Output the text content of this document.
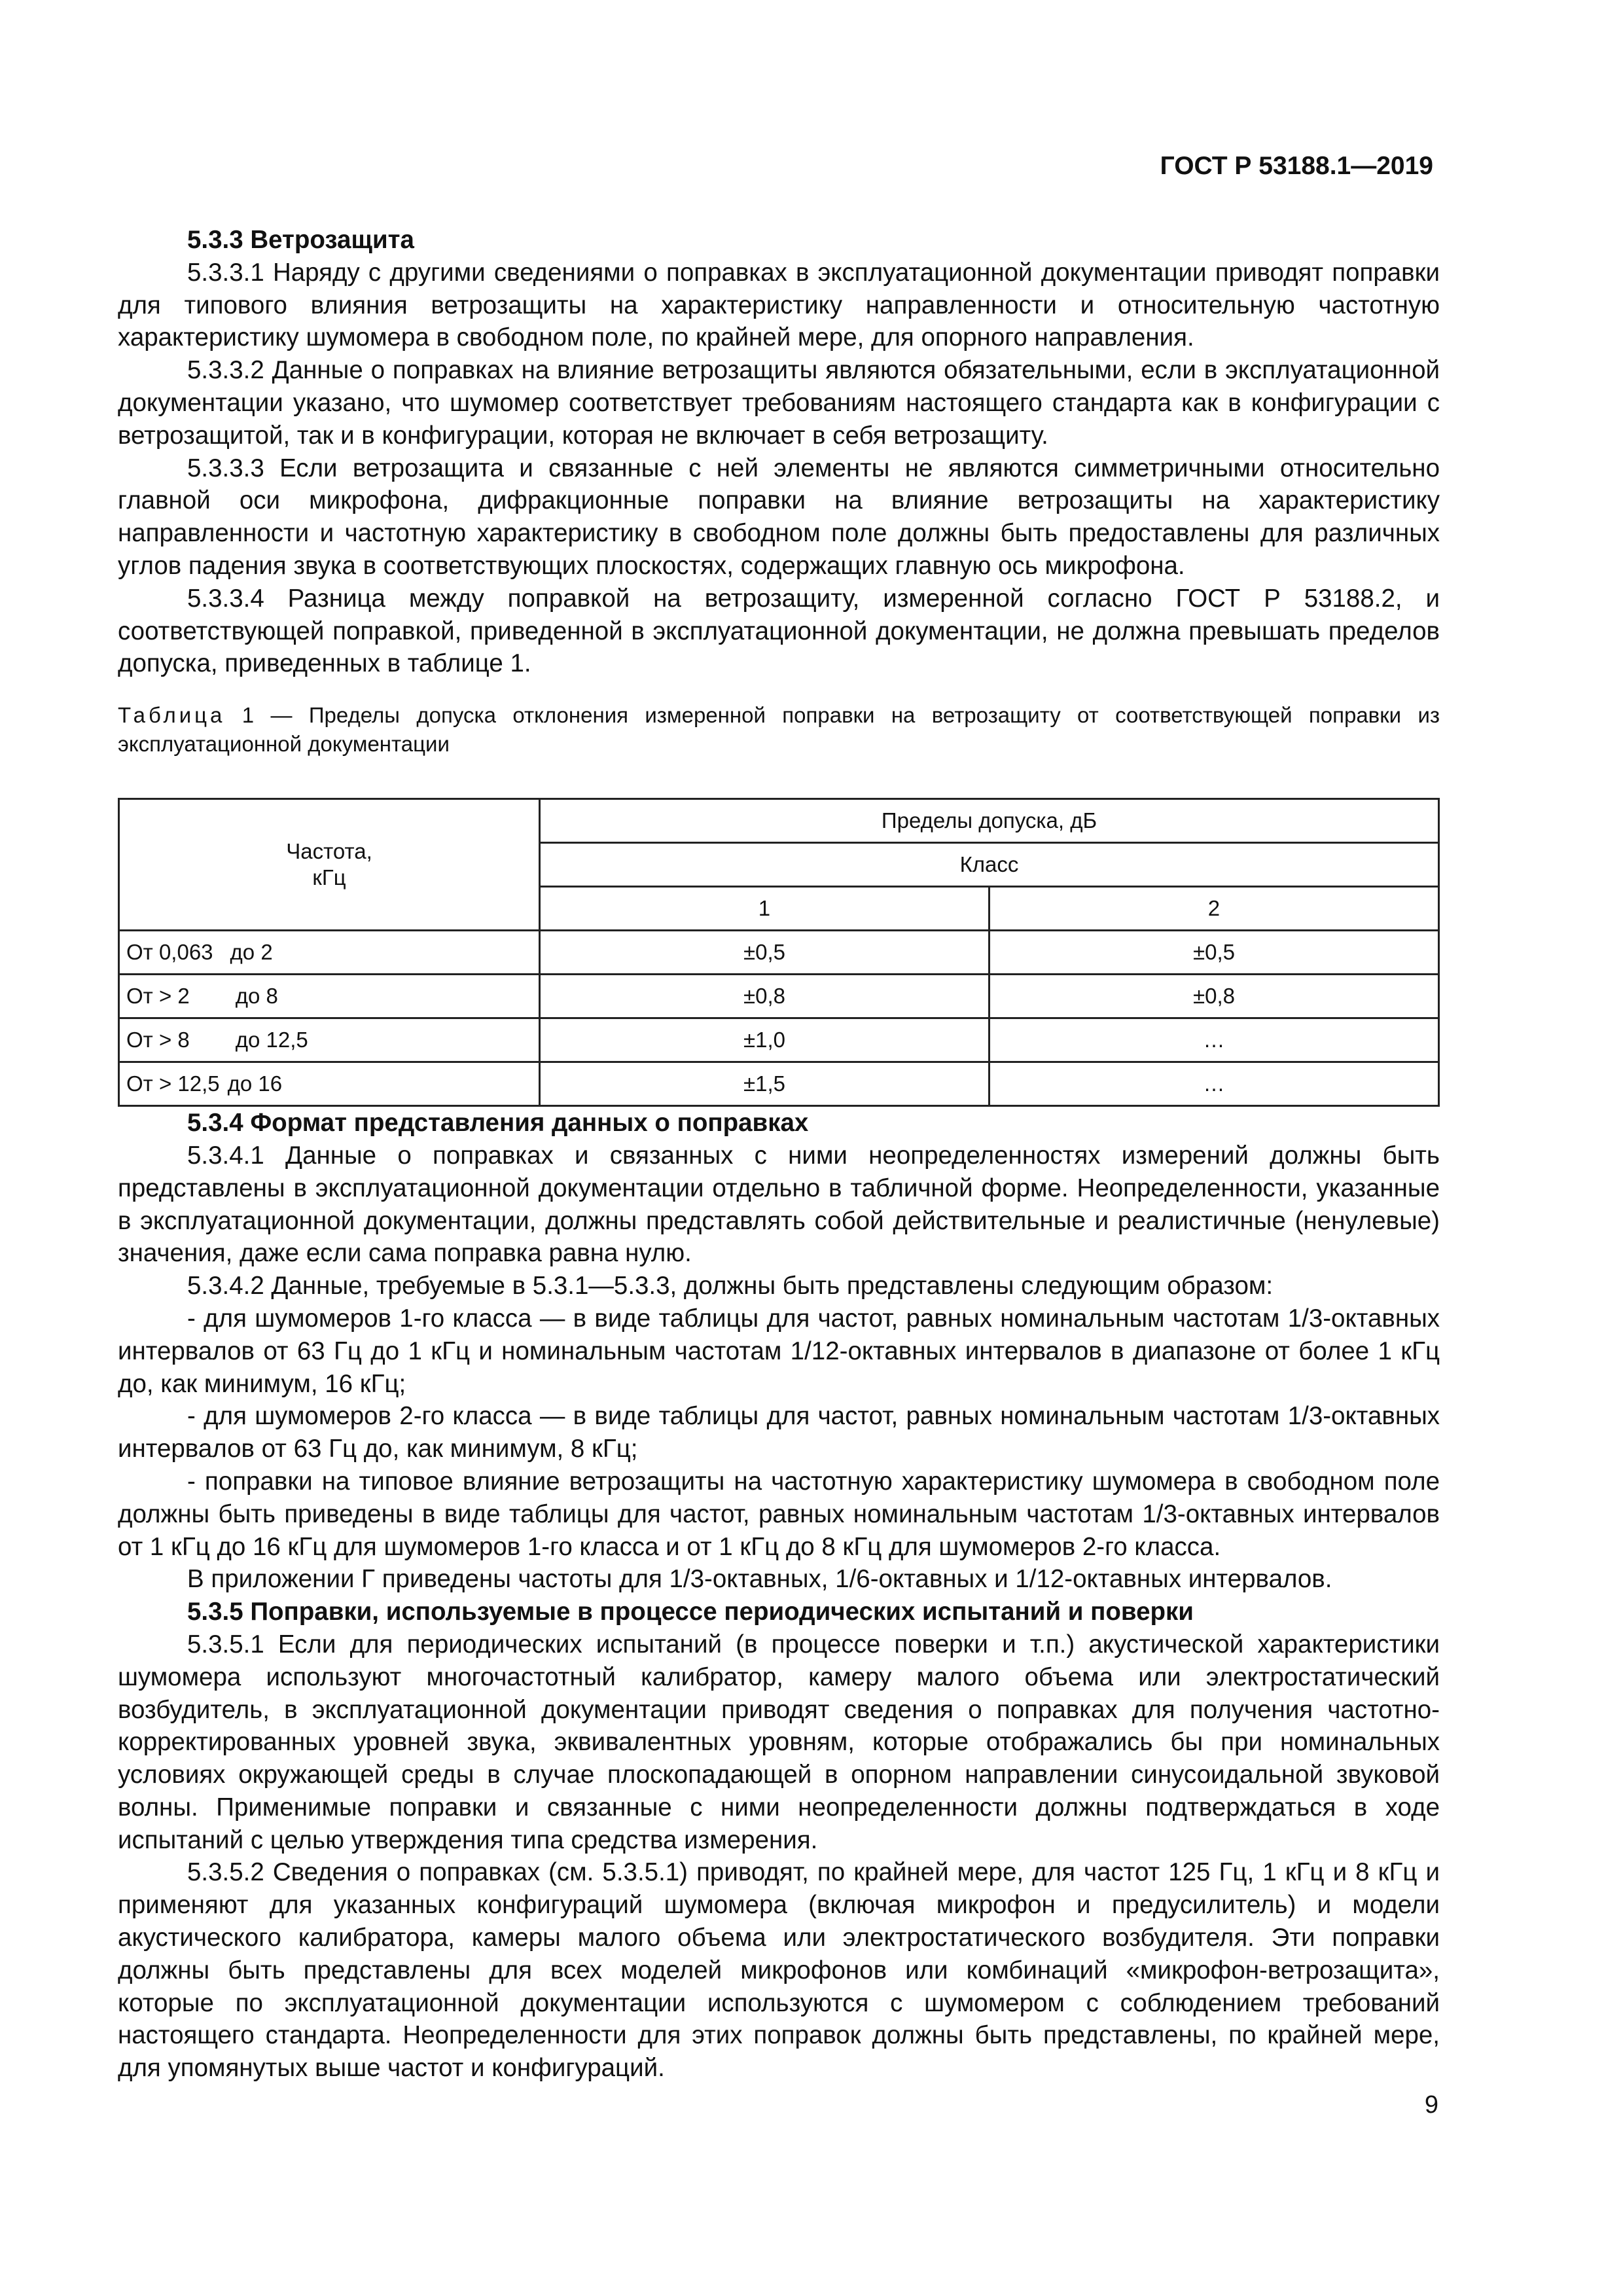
ГОСТ Р 53188.1—2019
5.3.3 Ветрозащита

5.3.3.1 Наряду с другими сведениями о поправках в эксплуатационной документации приводят поправки для типового влияния ветрозащиты на характеристику направленности и относительную частотную характеристику шумомера в свободном поле, по крайней мере, для опорного направления.

5.3.3.2 Данные о поправках на влияние ветрозащиты являются обязательными, если в эксплуатационной документации указано, что шумомер соответствует требованиям настоящего стандарта как в конфигурации с ветрозащитой, так и в конфигурации, которая не включает в себя ветрозащиту.

5.3.3.3 Если ветрозащита и связанные с ней элементы не являются симметричными относительно главной оси микрофона, дифракционные поправки на влияние ветрозащиты на характеристику направленности и частотную характеристику в свободном поле должны быть предоставлены для различных углов падения звука в соответствующих плоскостях, содержащих главную ось микрофона.

5.3.3.4 Разница между поправкой на ветрозащиту, измеренной согласно ГОСТ Р 53188.2, и соответствующей поправкой, приведенной в эксплуатационной документации, не должна превышать пределов допуска, приведенных в таблице 1.

Таблица 1 — Пределы допуска отклонения измеренной поправки на ветрозащиту от соответствующей поправки из эксплуатационной документации

Частота,
кГц	Пределы допуска, дБ	
	Класс	
	1	2
От 0,063 до 2	±0,5	±0,5
От > 2 до 8	±0,8	±0,8
От > 8 до 12,5	±1,0	…
От > 12,5 до 16	±1,5	…
5.3.4 Формат представления данных о поправках

5.3.4.1 Данные о поправках и связанных с ними неопределенностях измерений должны быть представлены в эксплуатационной документации отдельно в табличной форме. Неопределенности, указанные в эксплуатационной документации, должны представлять собой действительные и реалистичные (ненулевые) значения, даже если сама поправка равна нулю.

5.3.4.2 Данные, требуемые в 5.3.1—5.3.3, должны быть представлены следующим образом:

- для шумомеров 1-го класса — в виде таблицы для частот, равных номинальным частотам 1/3-октавных интервалов от 63 Гц до 1 кГц и номинальным частотам 1/12-октавных интервалов в диапазоне от более 1 кГц до, как минимум, 16 кГц;

- для шумомеров 2-го класса — в виде таблицы для частот, равных номинальным частотам 1/3-октавных интервалов от 63 Гц до, как минимум, 8 кГц;

- поправки на типовое влияние ветрозащиты на частотную характеристику шумомера в свободном поле должны быть приведены в виде таблицы для частот, равных номинальным частотам 1/3-октавных интервалов от 1 кГц до 16 кГц для шумомеров 1-го класса и от 1 кГц до 8 кГц для шумомеров 2-го класса.

В приложении Г приведены частоты для 1/3-октавных, 1/6-октавных и 1/12-октавных интервалов.

5.3.5 Поправки, используемые в процессе периодических испытаний и поверки

5.3.5.1 Если для периодических испытаний (в процессе поверки и т.п.) акустической характеристики шумомера используют многочастотный калибратор, камеру малого объема или электростатический возбудитель, в эксплуатационной документации приводят сведения о поправках для получения частотно-корректированных уровней звука, эквивалентных уровням, которые отображались бы при номинальных условиях окружающей среды в случае плоскопадающей в опорном направлении синусоидальной звуковой волны. Применимые поправки и связанные с ними неопределенности должны подтверждаться в ходе испытаний с целью утверждения типа средства измерения.

5.3.5.2 Сведения о поправках (см. 5.3.5.1) приводят, по крайней мере, для частот 125 Гц, 1 кГц и 8 кГц и применяют для указанных конфигураций шумомера (включая микрофон и предусилитель) и модели акустического калибратора, камеры малого объема или электростатического возбудителя. Эти поправки должны быть представлены для всех моделей микрофонов или комбинаций «микрофон-ветрозащита», которые по эксплуатационной документации используются с шумомером с соблюдением требований настоящего стандарта. Неопределенности для этих поправок должны быть представлены, по крайней мере, для упомянутых выше частот и конфигураций.

9
